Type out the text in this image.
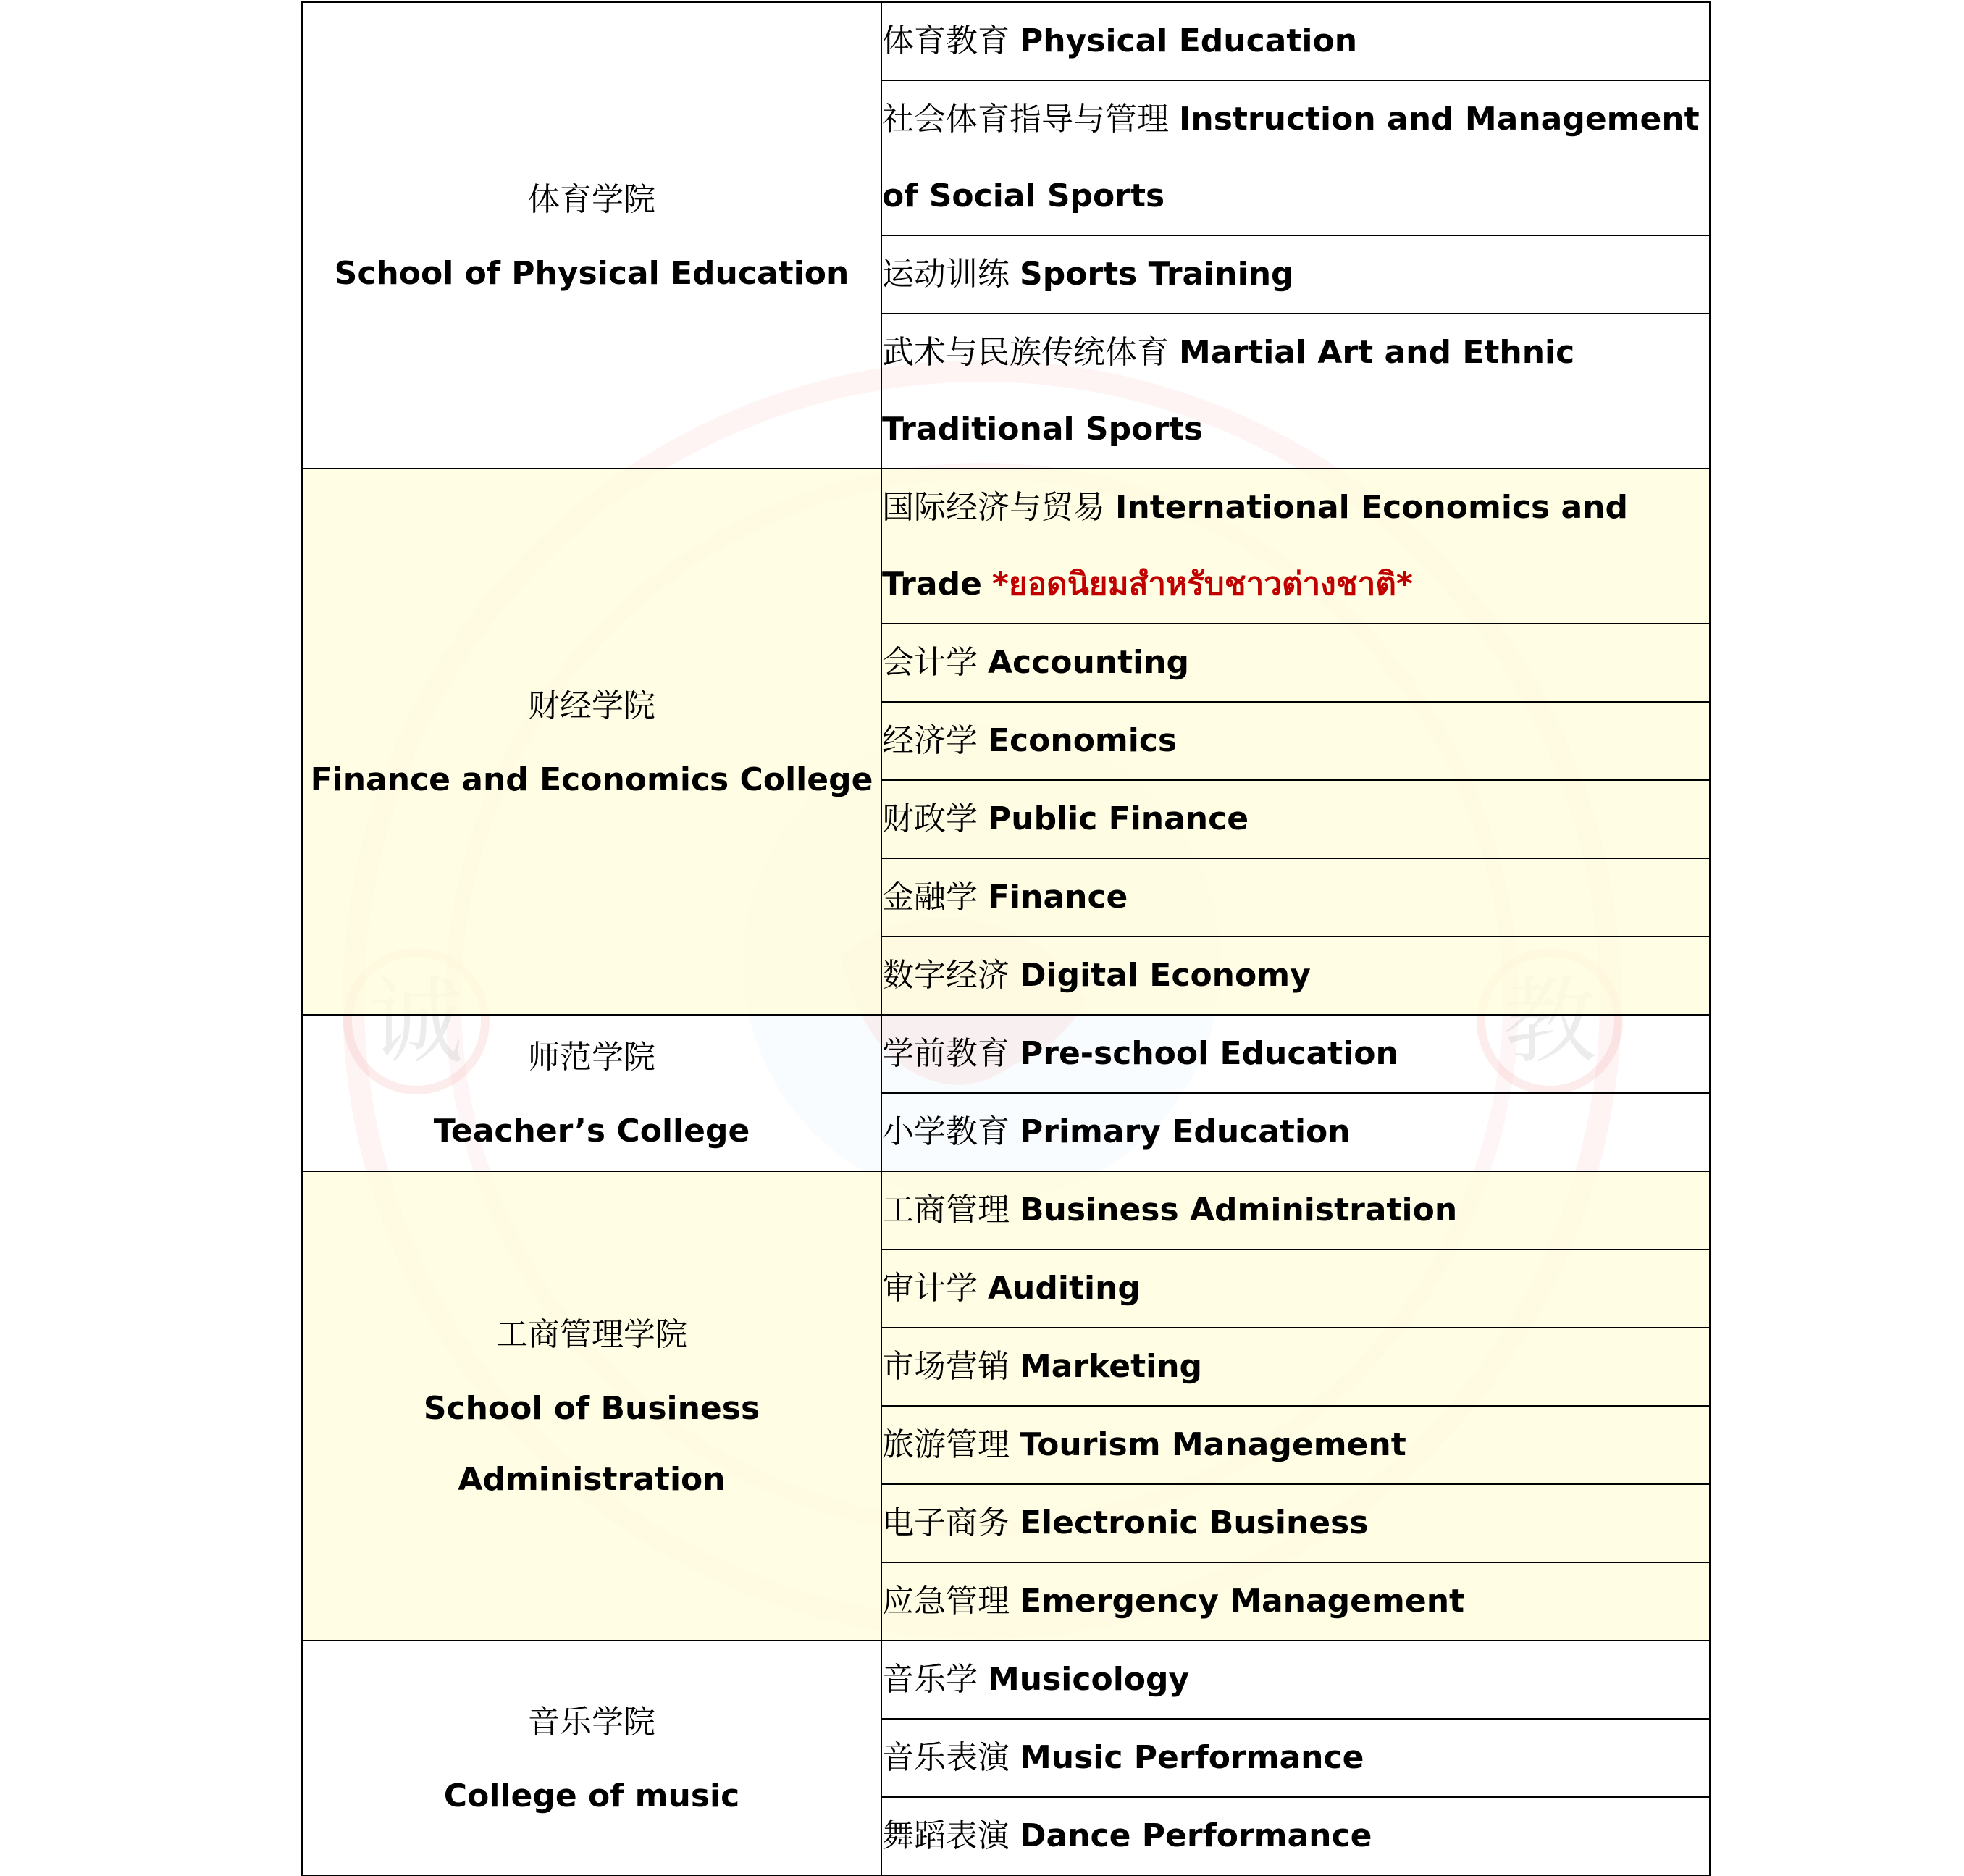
体育学院
School of Physical Education	体育教育 Physical Education
	社会体育指导与管理 Instruction and Management of Social Sports
	运动训练 Sports Training
	武术与民族传统体育 Martial Art and Ethnic Traditional Sports

财经学院
Finance and Economics College	国际经济与贸易 International Economics and Trade *ยอดนิยมสำหรับชาวต่างชาติ*
	会计学 Accounting
	经济学 Economics
	财政学 Public Finance
	金融学 Finance
	数字经济 Digital Economy

师范学院
Teacher’s College	学前教育 Pre-school Education
	小学教育 Primary Education

工商管理学院
School of Business
Administration	工商管理 Business Administration
	审计学 Auditing
	市场营销 Marketing
	旅游管理 Tourism Management
	电子商务 Electronic Business
	应急管理 Emergency Management

音乐学院
College of music	音乐学 Musicology
	音乐表演 Music Performance
	舞蹈表演 Dance Performance
